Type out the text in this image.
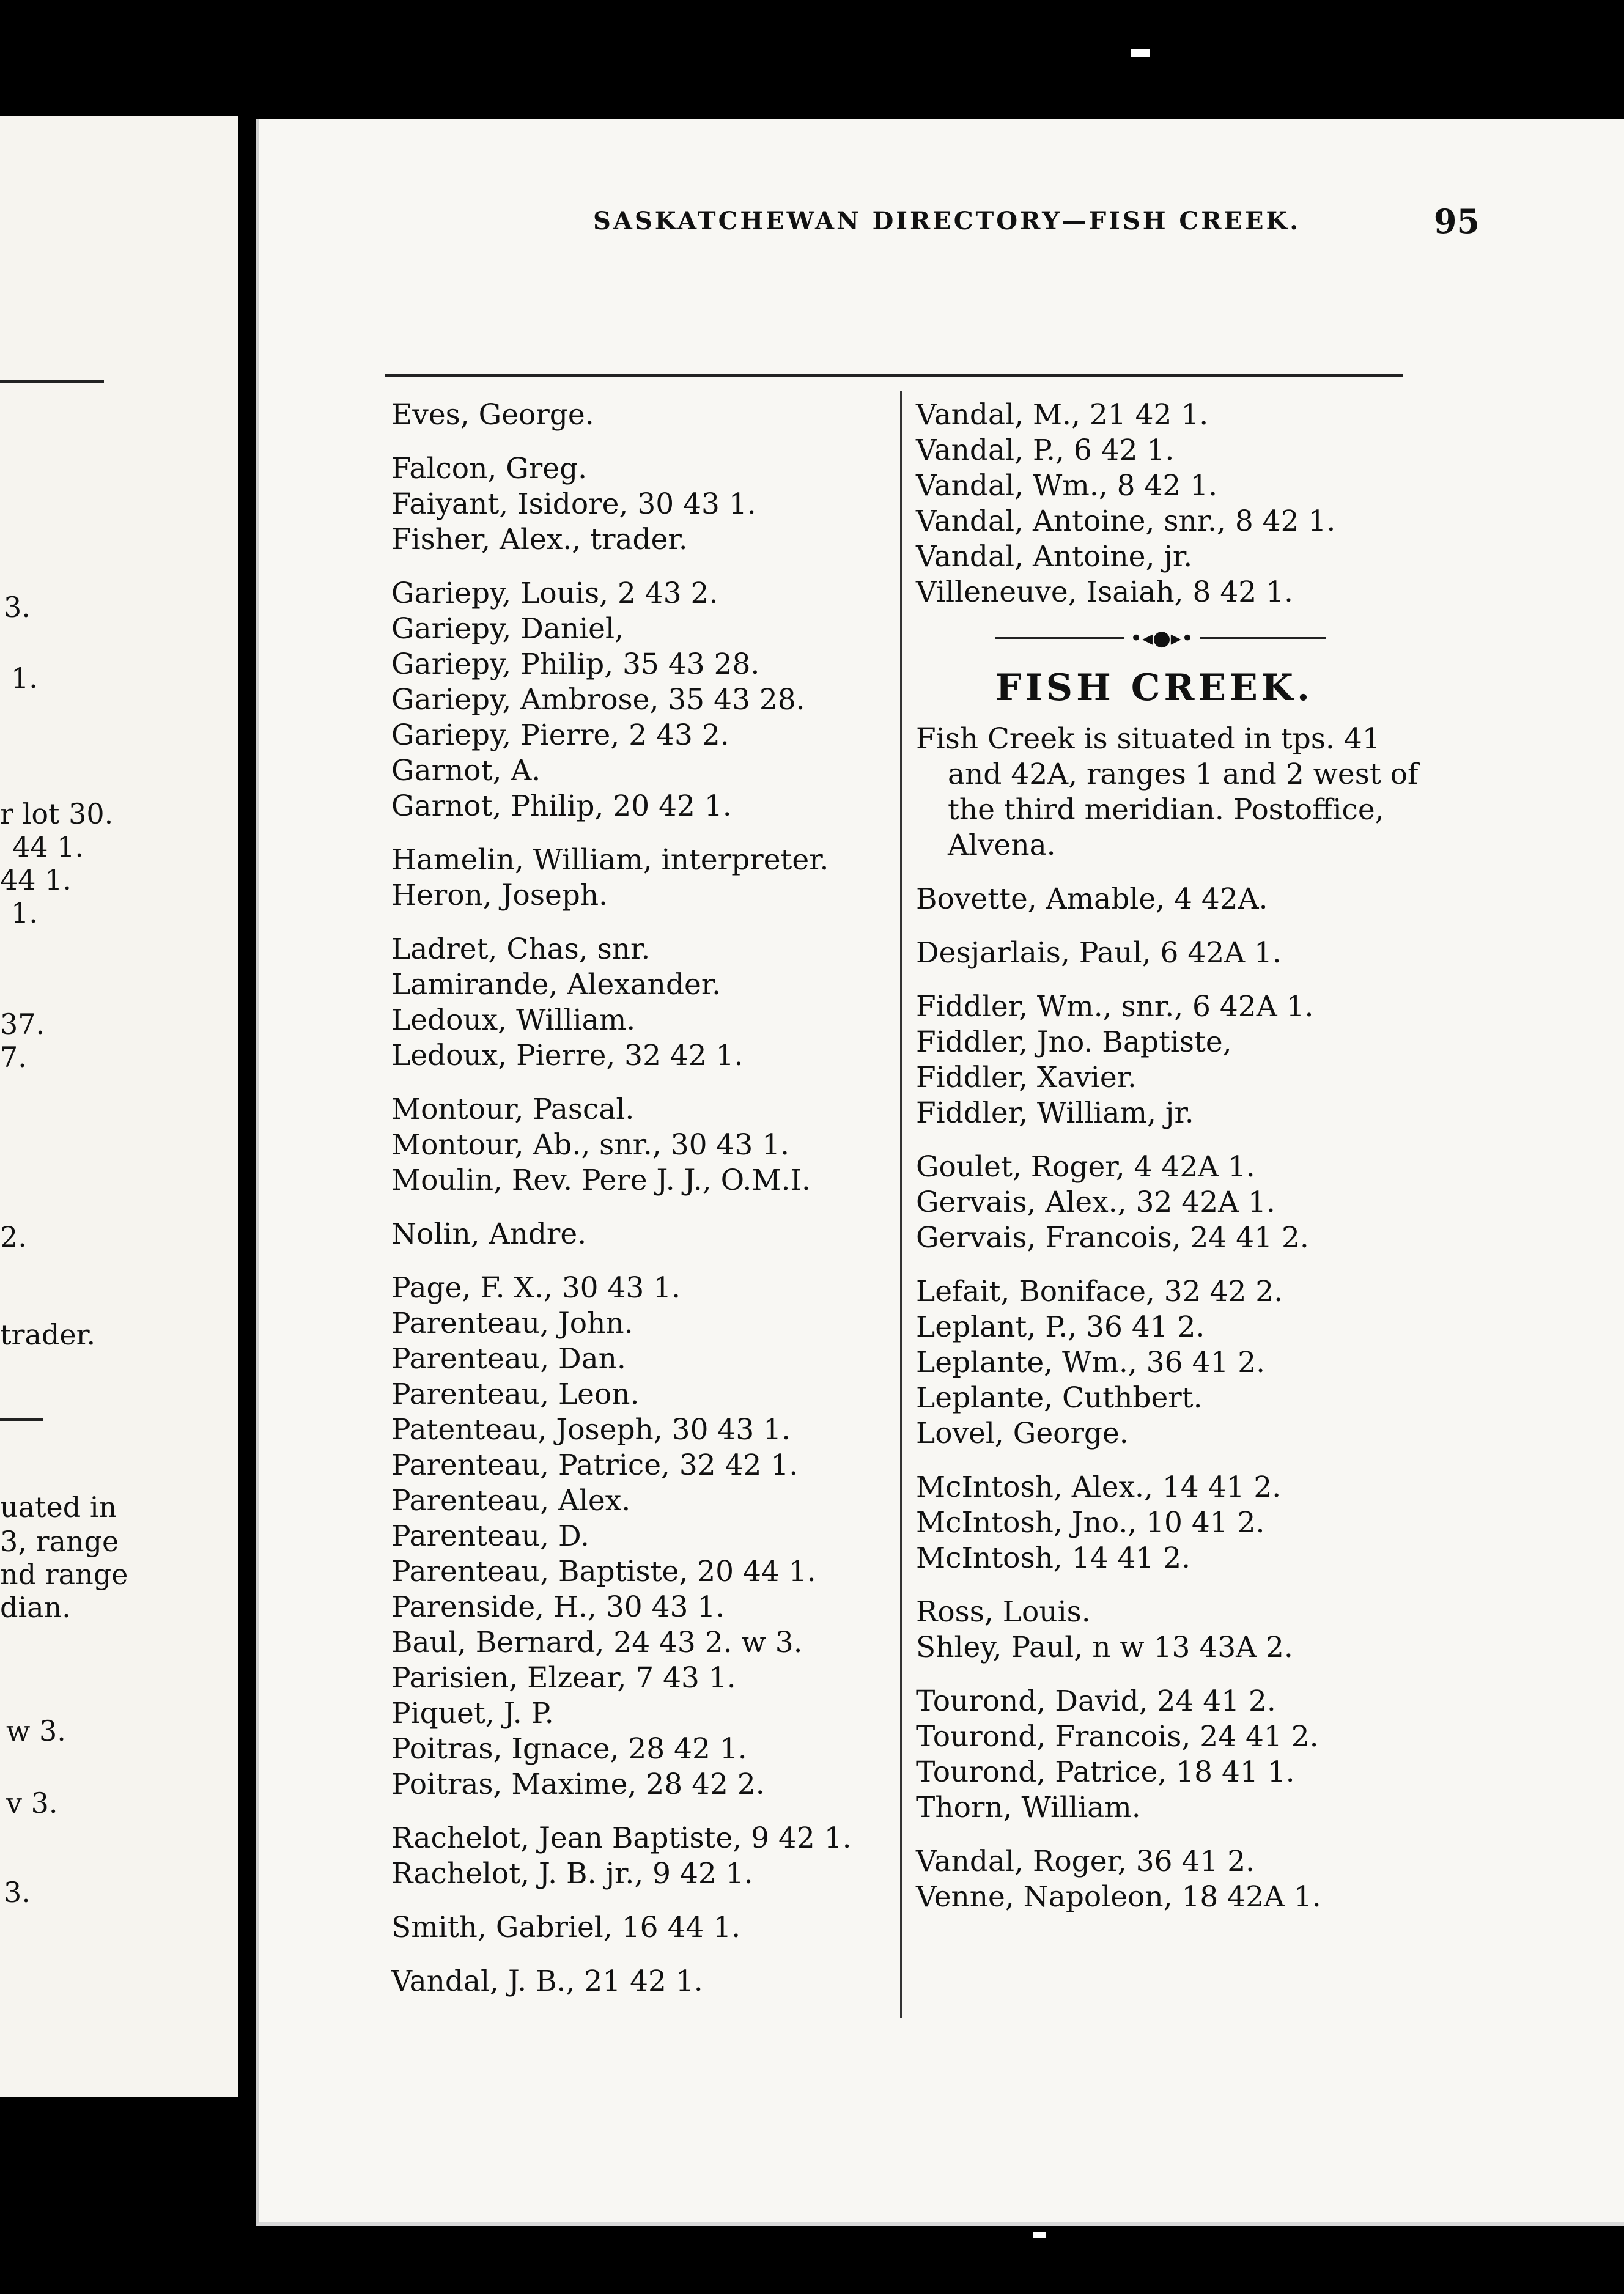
3.
1.
r lot 30.
44 1.
44 1.
1.
37.
7.
2.
trader.
uated in
3, range
nd range
dian.
w 3.
v 3.
3.
SASKATCHEWAN DIRECTORY—FISH CREEK.	95
Eves, George.
Falcon, Greg.
Faiyant, Isidore, 30 43 1.
Fisher, Alex., trader.
Gariepy, Louis, 2 43 2.
Gariepy, Daniel,
Gariepy, Philip, 35 43 28.
Gariepy, Ambrose, 35 43 28.
Gariepy, Pierre, 2 43 2.
Garnot, A.
Garnot, Philip, 20 42 1.
Hamelin, William, interpreter.
Heron, Joseph.
Ladret, Chas, snr.
Lamirande, Alexander.
Ledoux, William.
Ledoux, Pierre, 32 42 1.
Montour, Pascal.
Montour, Ab., snr., 30 43 1.
Moulin, Rev. Pere J. J., O.M.I.
Nolin, Andre.
Page, F. X., 30 43 1.
Parenteau, John.
Parenteau, Dan.
Parenteau, Leon.
Patenteau, Joseph, 30 43 1.
Parenteau, Patrice, 32 42 1.
Parenteau, Alex.
Parenteau, D.
Parenteau, Baptiste, 20 44 1.
Parenside, H., 30 43 1.
Baul, Bernard, 24 43 2. w 3.
Parisien, Elzear, 7 43 1.
Piquet, J. P.
Poitras, Ignace, 28 42 1.
Poitras, Maxime, 28 42 2.
Rachelot, Jean Baptiste, 9 42 1.
Rachelot, J. B. jr., 9 42 1.
Smith, Gabriel, 16 44 1.
Vandal, J. B., 21 42 1.
Vandal, M., 21 42 1.
Vandal, P., 6 42 1.
Vandal, Wm., 8 42 1.
Vandal, Antoine, snr., 8 42 1.
Vandal, Antoine, jr.
Villeneuve, Isaiah, 8 42 1.
•◂●▸•
FISH CREEK.
Fish Creek is situated in tps. 41
and 42A, ranges 1 and 2 west of
the third meridian. Postoffice,
Alvena.
Bovette, Amable, 4 42A.
Desjarlais, Paul, 6 42A 1.
Fiddler, Wm., snr., 6 42A 1.
Fiddler, Jno. Baptiste,
Fiddler, Xavier.
Fiddler, William, jr.
Goulet, Roger, 4 42A 1.
Gervais, Alex., 32 42A 1.
Gervais, Francois, 24 41 2.
Lefait, Boniface, 32 42 2.
Leplant, P., 36 41 2.
Leplante, Wm., 36 41 2.
Leplante, Cuthbert.
Lovel, George.
McIntosh, Alex., 14 41 2.
McIntosh, Jno., 10 41 2.
McIntosh, 14 41 2.
Ross, Louis.
Shley, Paul, n w 13 43A 2.
Tourond, David, 24 41 2.
Tourond, Francois, 24 41 2.
Tourond, Patrice, 18 41 1.
Thorn, William.
Vandal, Roger, 36 41 2.
Venne, Napoleon, 18 42A 1.
